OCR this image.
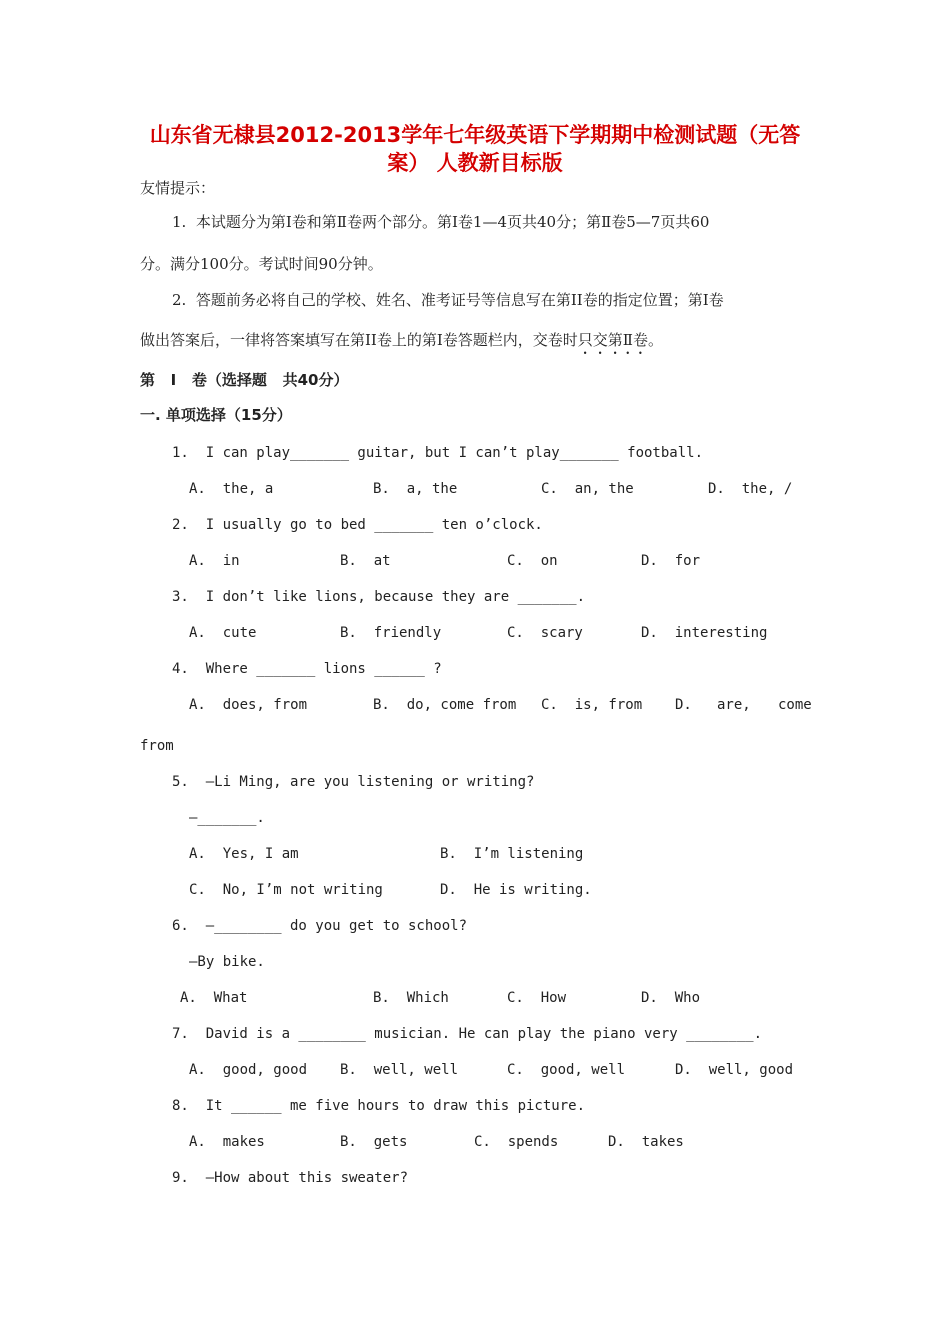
山东省无棣县2012-2013学年七年级英语下学期期中检测试题（无答
案） 人教新目标版
友情提示：
1.  本试题分为第Ⅰ卷和第Ⅱ卷两个部分。第Ⅰ卷1—4页共40分；第Ⅱ卷5—7页共60
分。满分100分。考试时间90分钟。
2.  答题前务必将自己的学校、姓名、准考证号等信息写在第II卷的指定位置；第Ⅰ卷
做出答案后，一律将答案填写在第II卷上的第Ⅰ卷答题栏内，交卷时只交第Ⅱ卷。
第   Ⅰ   卷（选择题   共40分）
一. 单项选择（15分）
1.  I can play_______ guitar, but I can’t play_______ football.
A.  the, a	B.  a, the	C.  an, the	D.  the, /
2.  I usually go to bed _______ ten o’clock.
A.  in	B.  at	C.  on	D.  for
3.  I don’t like lions, because they are _______.
A.  cute	B.  friendly	C.  scary	D.  interesting
4.  Where _______ lions ______ ?
A.  does, from	B.  do, come from C.  is, from D. are, come
from
5.  —Li Ming, are you listening or writing?
—_______.
A.  Yes, I am	B.  I’m listening
C.  No, I’m not writing	D.  He is writing.
6.  —________ do you get to school?
—By bike.
A.  What	B.  Which	C.  How	D.  Who
7.  David is a ________ musician. He can play the piano very ________.
A.  good, good B.  well, well	C.  good, well	D.  well, good
8.  It ______ me five hours to draw this picture.
A.  makes	B.  gets	C.  spends	D.  takes
9.  —How about this sweater?
